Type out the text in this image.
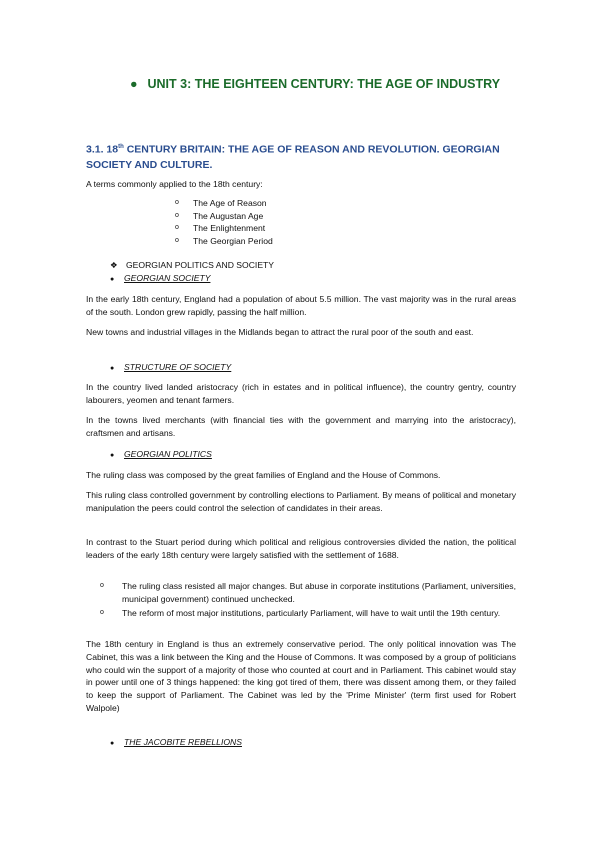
● UNIT 3: THE EIGHTEEN CENTURY: THE AGE OF INDUSTRY
3.1. 18th CENTURY BRITAIN: THE AGE OF REASON AND REVOLUTION. GEORGIAN SOCIETY AND CULTURE.

A terms commonly applied to the 18th century:

o The Age of Reason
o The Augustan Age
o The Enlightenment
o The Georgian Period
❖ GEORGIAN POLITICS AND SOCIETY
● GEORGIAN SOCIETY

In the early 18th century, England had a population of about 5.5 million. The vast majority was in the rural areas of the south. London grew rapidly, passing the half million.

New towns and industrial villages in the Midlands began to attract the rural poor of the south and east.

● STRUCTURE OF SOCIETY

In the country lived landed aristocracy (rich in estates and in political influence), the country gentry, country labourers, yeomen and tenant farmers.

In the towns lived merchants (with financial ties with the government and marrying into the aristocracy), craftsmen and artisans.

● GEORGIAN POLITICS

The ruling class was composed by the great families of England and the House of Commons.

This ruling class controlled government by controlling elections to Parliament. By means of political and monetary manipulation the peers could control the selection of candidates in their areas.

In contrast to the Stuart period during which political and religious controversies divided the nation, the political leaders of the early 18th century were largely satisfied with the settlement of 1688.

o The ruling class resisted all major changes. But abuse in corporate institutions (Parliament, universities, municipal government) continued unchecked.
o The reform of most major institutions, particularly Parliament, will have to wait until the 19th century.

The 18th century in England is thus an extremely conservative period. The only political innovation was The Cabinet, this was a link between the King and the House of Commons. It was composed by a group of politicians who could win the support of a majority of those who counted at court and in Parliament. This cabinet would stay in power until one of 3 things happened: the king got tired of them, there was dissent among them, or they failed to keep the support of Parliament. The Cabinet was led by the 'Prime Minister' (term first used for Robert Walpole)

● THE JACOBITE REBELLIONS
